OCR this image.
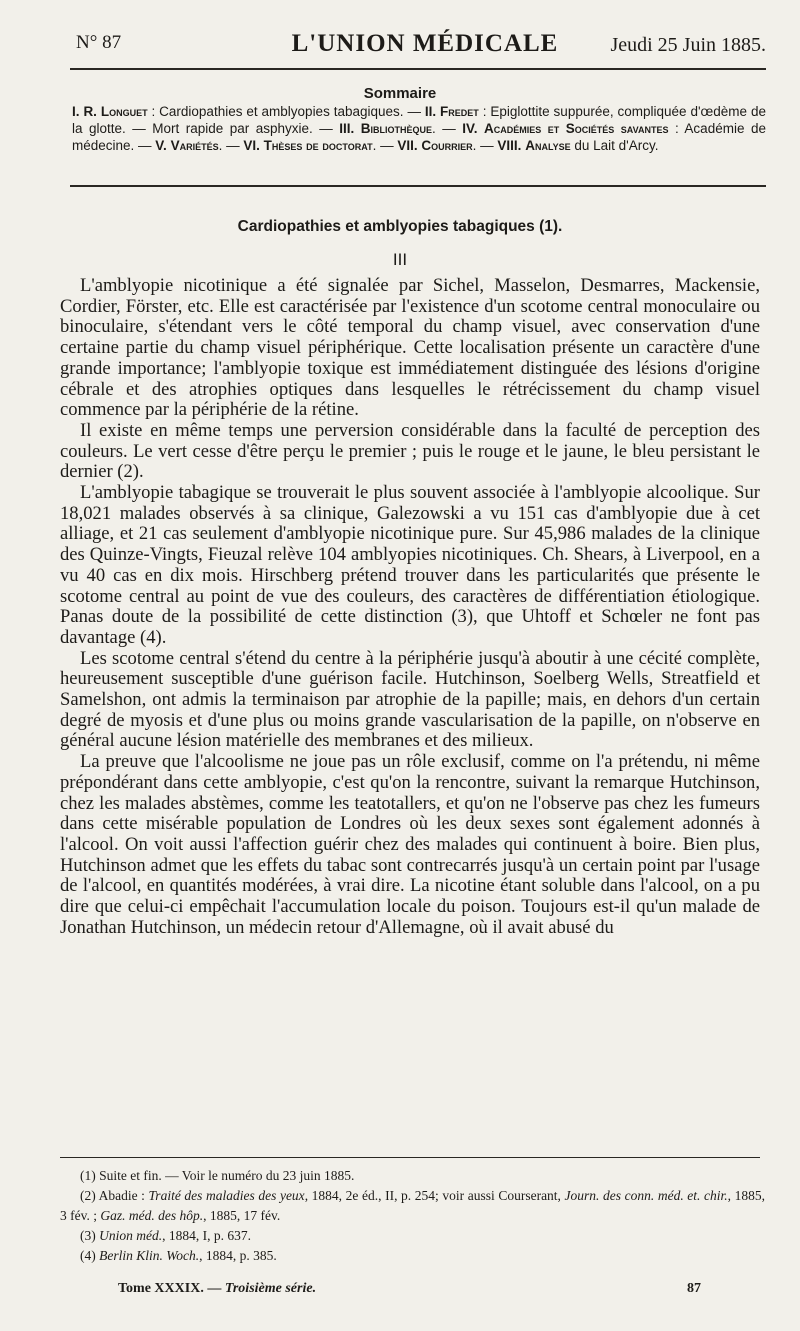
N° 87	L'UNION MÉDICALE	Jeudi 25 Juin 1885.
Sommaire
I. R. Longuet : Cardiopathies et amblyopies tabagiques. — II. Fredet : Epiglottite suppurée, compliquée d'œdème de la glotte. — Mort rapide par asphyxie. — III. Bibliothèque. — IV. Académies et Sociétés savantes : Académie de médecine. — V. Variétés. — VI. Thèses de doctorat. — VII. Courrier. — VIII. Analyse du Lait d'Arcy.
Cardiopathies et amblyopies tabagiques (1).
III

L'amblyopie nicotinique a été signalée par Sichel, Masselon, Desmarres, Mackensie, Cordier, Förster, etc. Elle est caractérisée par l'existence d'un scotome central monoculaire ou binoculaire, s'étendant vers le côté temporal du champ visuel, avec conservation d'une certaine partie du champ visuel périphérique. Cette localisation présente un caractère d'une grande importance; l'amblyopie toxique est immédiatement distinguée des lésions d'origine cébrale et des atrophies optiques dans lesquelles le rétrécissement du champ visuel commence par la périphérie de la rétine.

Il existe en même temps une perversion considérable dans la faculté de perception des couleurs. Le vert cesse d'être perçu le premier ; puis le rouge et le jaune, le bleu persistant le dernier (2).

L'amblyopie tabagique se trouverait le plus souvent associée à l'amblyopie alcoolique. Sur 18,021 malades observés à sa clinique, Galezowski a vu 151 cas d'amblyopie due à cet alliage, et 21 cas seulement d'amblyopie nicotinique pure. Sur 45,986 malades de la clinique des Quinze-Vingts, Fieuzal relève 104 amblyopies nicotiniques. Ch. Shears, à Liverpool, en a vu 40 cas en dix mois. Hirschberg prétend trouver dans les particularités que présente le scotome central au point de vue des couleurs, des caractères de différentiation étiologique. Panas doute de la possibilité de cette distinction (3), que Uhtoff et Schœler ne font pas davantage (4).

Les scotome central s'étend du centre à la périphérie jusqu'à aboutir à une cécité complète, heureusement susceptible d'une guérison facile. Hutchinson, Soelberg Wells, Streatfield et Samelshon, ont admis la terminaison par atrophie de la papille; mais, en dehors d'un certain degré de myosis et d'une plus ou moins grande vascularisation de la papille, on n'observe en général aucune lésion matérielle des membranes et des milieux.

La preuve que l'alcoolisme ne joue pas un rôle exclusif, comme on l'a prétendu, ni même prépondérant dans cette amblyopie, c'est qu'on la rencontre, suivant la remarque Hutchinson, chez les malades abstèmes, comme les teatotallers, et qu'on ne l'observe pas chez les fumeurs dans cette misérable population de Londres où les deux sexes sont également adonnés à l'alcool. On voit aussi l'affection guérir chez des malades qui continuent à boire. Bien plus, Hutchinson admet que les effets du tabac sont contrecarrés jusqu'à un certain point par l'usage de l'alcool, en quantités modérées, à vrai dire. La nicotine étant soluble dans l'alcool, on a pu dire que celui-ci empêchait l'accumulation locale du poison. Toujours est-il qu'un malade de Jonathan Hutchinson, un médecin retour d'Allemagne, où il avait abusé du

(1) Suite et fin. — Voir le numéro du 23 juin 1885.
(2) Abadie : Traité des maladies des yeux, 1884, 2e éd., II, p. 254; voir aussi Courserant, Journ. des conn. méd. et. chir., 1885, 3 fév. ; Gaz. méd. des hôp., 1885, 17 fév.
(3) Union méd., 1884, I, p. 637.
(4) Berlin Klin. Woch., 1884, p. 385.
Tome XXXIX. — Troisième série.	87
